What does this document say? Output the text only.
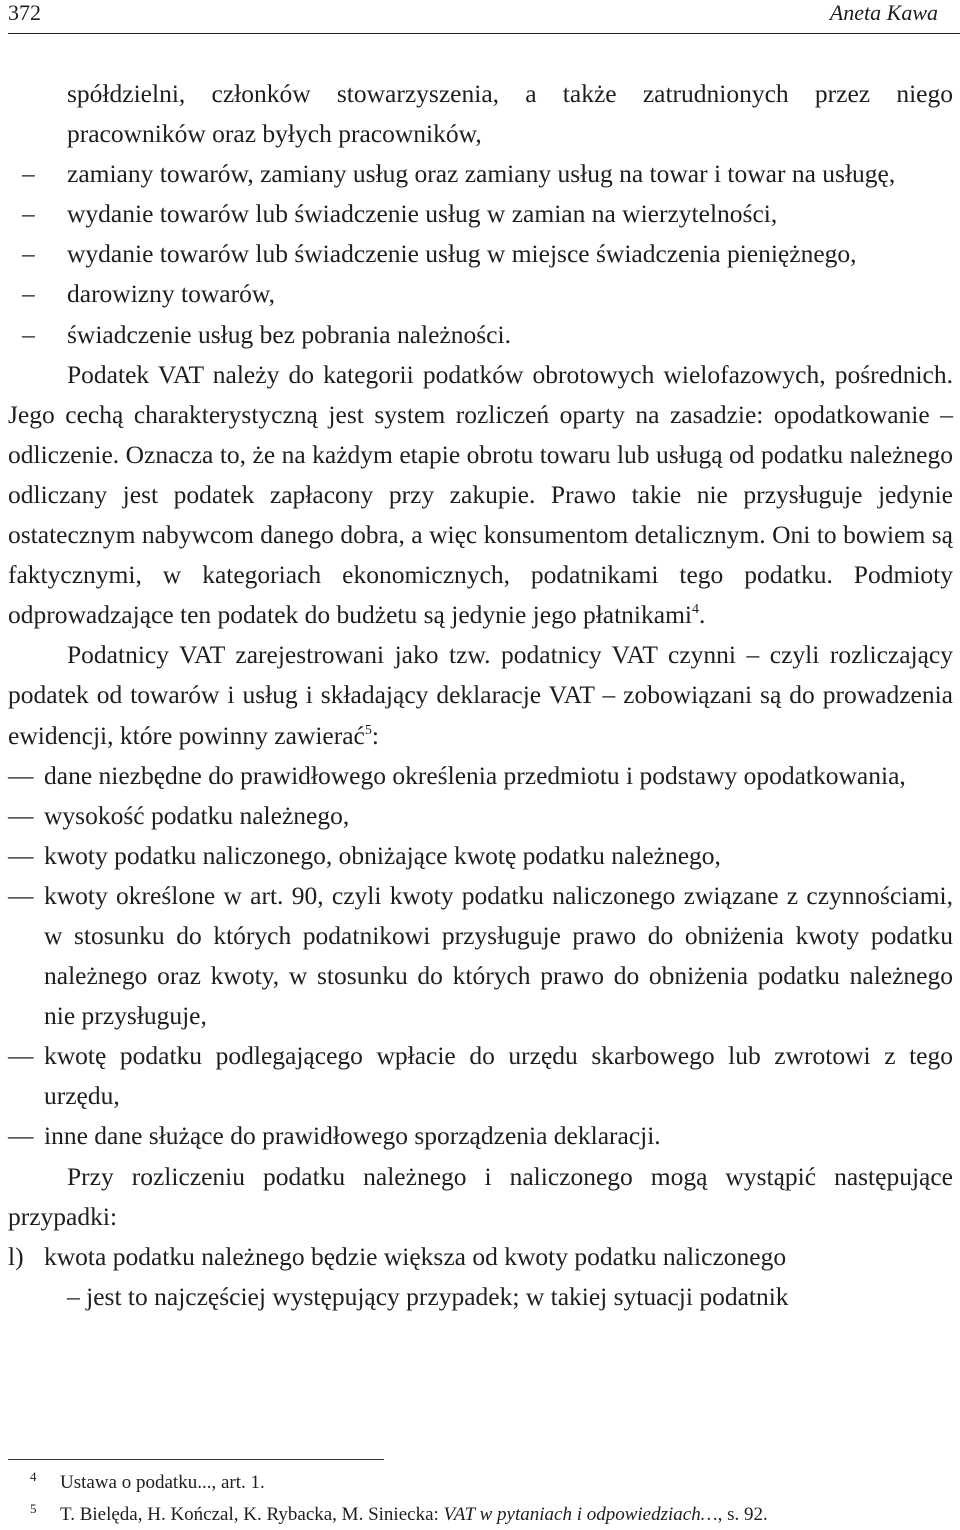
372	Aneta Kawa

spółdzielni, członków stowarzyszenia, a także zatrudnionych przez niego pracowników oraz byłych pracowników,

– zamiany towarów, zamiany usług oraz zamiany usług na towar i towar na usługę,
– wydanie towarów lub świadczenie usług w zamian na wierzytelności,
– wydanie towarów lub świadczenie usług w miejsce świadczenia pieniężnego,
– darowizny towarów,
– świadczenie usług bez pobrania należności.

Podatek VAT należy do kategorii podatków obrotowych wielofazowych, pośrednich. Jego cechą charakterystyczną jest system rozliczeń oparty na zasadzie: opodatkowanie – odliczenie. Oznacza to, że na każdym etapie obrotu towaru lub usługą od podatku należnego odliczany jest podatek zapłacony przy zakupie. Prawo takie nie przysługuje jedynie ostatecznym nabywcom danego dobra, a więc konsumentom detalicznym. Oni to bowiem są faktycznymi, w kategoriach ekonomicznych, podatnikami tego podatku. Podmioty odprowadzające ten podatek do budżetu są jedynie jego płatnikami$^4$.

Podatnicy VAT zarejestrowani jako tzw. podatnicy VAT czynni – czyli rozliczający podatek od towarów i usług i składający deklaracje VAT – zobowiązani są do prowadzenia ewidencji, które powinny zawierać$^5$:

— dane niezbędne do prawidłowego określenia przedmiotu i podstawy opodatkowania,
— wysokość podatku należnego,
— kwoty podatku naliczonego, obniżające kwotę podatku należnego,
— kwoty określone w art. 90, czyli kwoty podatku naliczonego związane z czynnościami, w stosunku do których podatnikowi przysługuje prawo do obniżenia kwoty podatku należnego oraz kwoty, w stosunku do których prawo do obniżenia podatku należnego nie przysługuje,
— kwotę podatku podlegającego wpłacie do urzędu skarbowego lub zwrotowi z tego urzędu,
— inne dane służące do prawidłowego sporządzenia deklaracji.

Przy rozliczeniu podatku należnego i naliczonego mogą wystąpić następujące przypadki:

l) kwota podatku należnego będzie większa od kwoty podatku naliczonego

– jest to najczęściej występujący przypadek; w takiej sytuacji podatnik

4 Ustawa o podatku..., art. 1.
5 T. Bielęda, H. Kończal, K. Rybacka, M. Siniecka: VAT w pytaniach i odpowiedziach…, s. 92.
